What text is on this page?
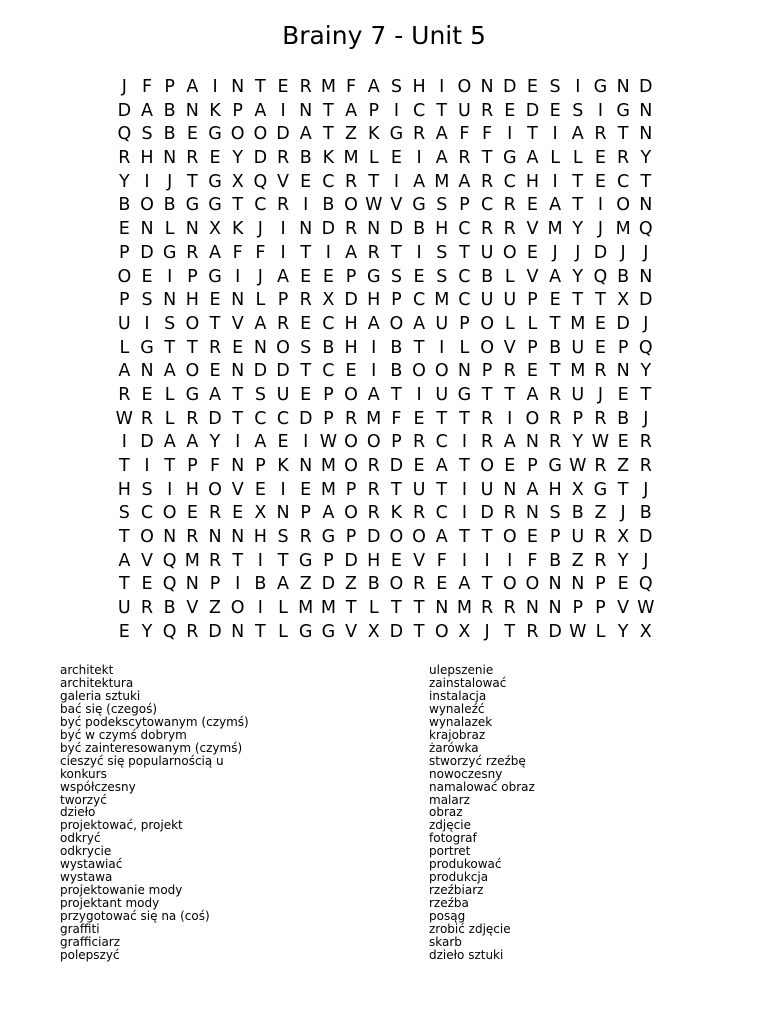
Brainy 7 - Unit 5
J F P A I N T E R M F A S H I O N D E S I G N D
D A B N K P A I N T A P I C T U R E D E S I G N
Q S B E G O O D A T Z K G R A F F I T I A R T N
R H N R E Y D R B K M L E I A R T G A L L E R Y
Y I	J T G X Q V E C R T I A M A R C H I T E C T
B O B G G T C R I B O W V G S P C R E A T I O N
E N L N X K J	I N D R N D B H C R R V M Y J M Q
P D G R A F F I T I A R T I S T U O E J	J D J	J
O E I P G I	J A E E P G S E S C B L V A Y Q B N
P S N H E N L P R X D H P C M C U U P E T T X D
U I S O T V A R E C H A O A U P O L L T M E D J
L G T T R E N O S B H I B T I L O V P B U E P Q
A N A O E N D D T C E I B O O N P R E T M R N Y
R E L G A T S U E P O A T I U G T T A R U J E T
W R L R D T C C D P R M F E T T R I O R P R B J
I D A A Y I A E I W O O P R C I R A N R Y W E R
T I T P F N P K N M O R D E A T O E P G W R Z R
H S I H O V E I E M P R T U T I U N A H X G T J
S C O E R E X N P A O R K R C I D R N S B Z J B
T O N R N N H S R G P D O O A T T O E P U R X D
A V Q M R T I T G P D H E V F I	I	I F B Z R Y J
T E Q N P I B A Z D Z B O R E A T O O N N P E Q
U R B V Z O I L M M T L T T N M R R N N P P V W
E Y Q R D N T L G G V X D T O X J T R D W L Y X
architekt
architektura
galeria sztuki
bać się (czegoś)
być podekscytowanym (czymś)
być w czymś dobrym
być zainteresowanym (czymś)
cieszyć się popularnością u
konkurs
współczesny
tworzyć
dzieło
projektować, projekt
odkryć
odkrycie
wystawiać
wystawa
projektowanie mody
projektant mody
przygotować się na (coś)
graffiti
grafficiarz
polepszyć
ulepszenie
zainstalować
instalacja
wynaleźć
wynalazek
krajobraz
żarówka
stworzyć rzeźbę
nowoczesny
namalować obraz
malarz
obraz
zdjęcie
fotograf
portret
produkować
produkcja
rzeźbiarz
rzeźba
posąg
zrobić zdjęcie
skarb
dzieło sztuki
